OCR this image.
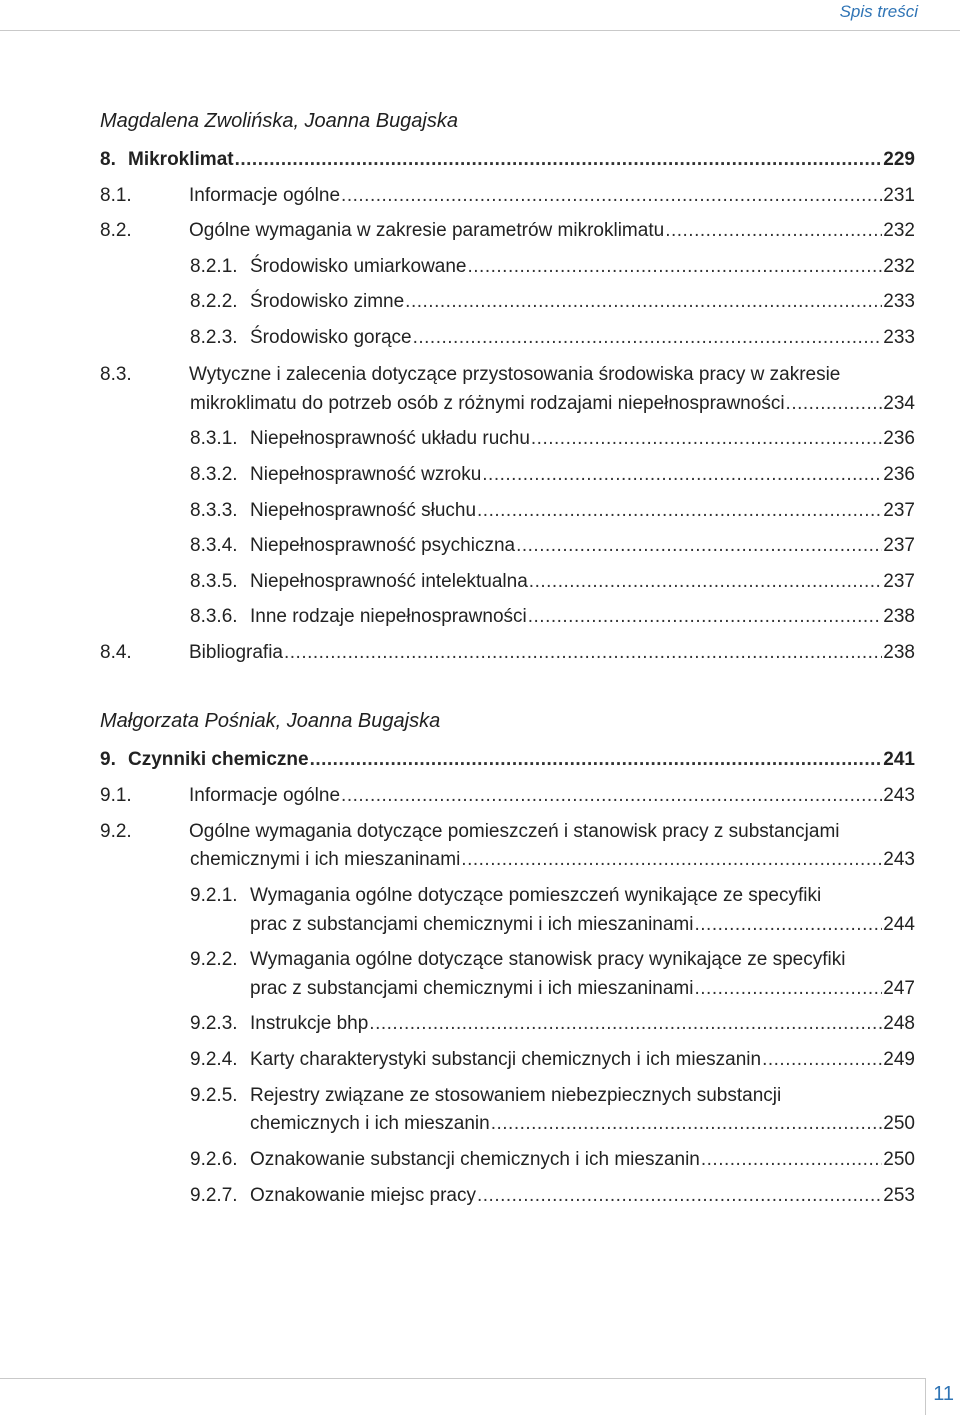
Spis treści
Magdalena Zwolińska, Joanna Bugajska
8. Mikroklimat .....	229
8.1.	Informacje ogólne .....	231
8.2.	Ogólne wymagania w zakresie parametrów mikroklimatu .....	232
8.2.1. Środowisko umiarkowane .....	232
8.2.2. Środowisko zimne .....	233
8.2.3. Środowisko gorące .....	233
8.3.	Wytyczne i zalecenia dotyczące przystosowania środowiska pracy w zakresie
mikroklimatu do potrzeb osób z różnymi rodzajami niepełnosprawności .....	234
8.3.1. Niepełnosprawność układu ruchu .....	236
8.3.2. Niepełnosprawność wzroku .....	236
8.3.3. Niepełnosprawność słuchu .....	237
8.3.4. Niepełnosprawność psychiczna .....	237
8.3.5. Niepełnosprawność intelektualna .....	237
8.3.6. Inne rodzaje niepełnosprawności .....	238
8.4.	Bibliografia .....	238
Małgorzata Pośniak, Joanna Bugajska
9. Czynniki chemiczne .....	241
9.1.	Informacje ogólne .....	243
9.2.	Ogólne wymagania dotyczące pomieszczeń i stanowisk pracy z substancjami
chemicznymi i ich mieszaninami .....	243
9.2.1. Wymagania ogólne dotyczące pomieszczeń wynikające ze specyfiki
prac z substancjami chemicznymi i ich mieszaninami .....	244
9.2.2. Wymagania ogólne dotyczące stanowisk pracy wynikające ze specyfiki
prac z substancjami chemicznymi i ich mieszaninami .....	247
9.2.3. Instrukcje bhp .....	248
9.2.4. Karty charakterystyki substancji chemicznych i ich mieszanin .....	249
9.2.5. Rejestry związane ze stosowaniem niebezpiecznych substancji
chemicznych i ich mieszanin .....	250
9.2.6. Oznakowanie substancji chemicznych i ich mieszanin .....	250
9.2.7. Oznakowanie miejsc pracy .....	253
11
